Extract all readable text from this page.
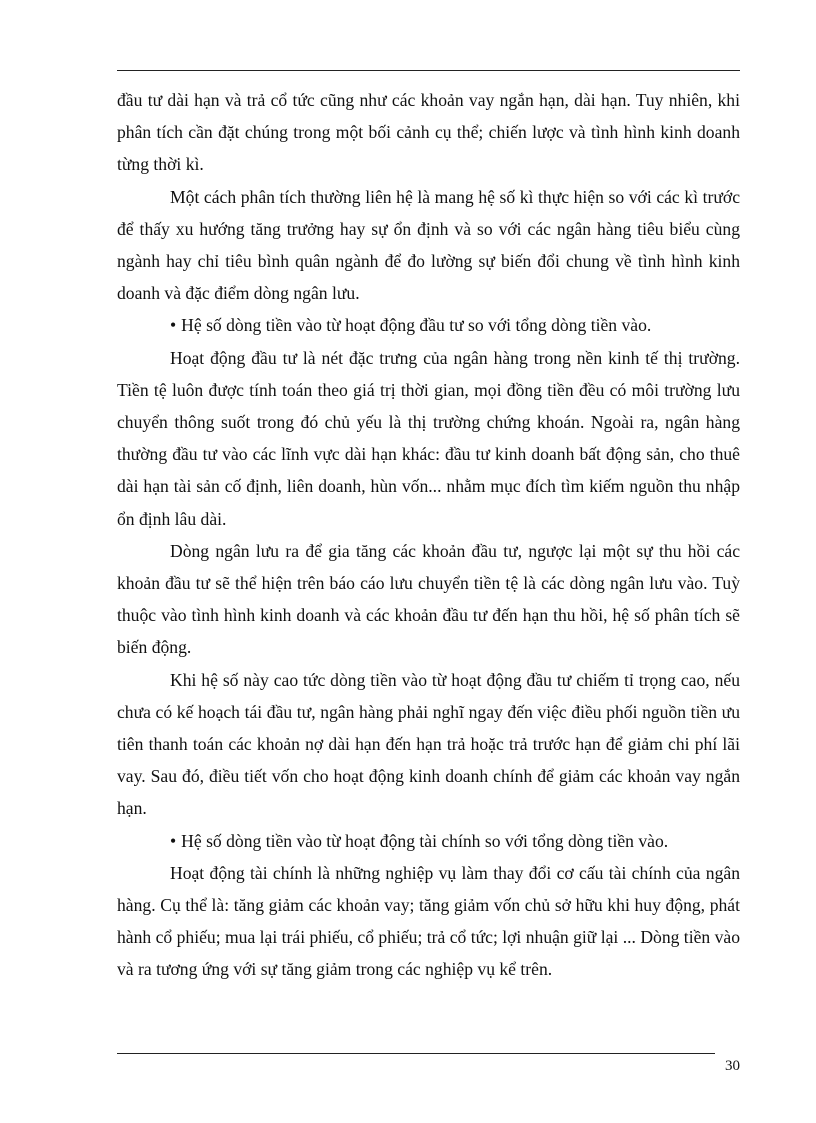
đầu tư dài hạn và trả cổ tức cũng như các khoản vay ngắn hạn, dài hạn. Tuy nhiên, khi phân tích cần đặt chúng trong một bối cảnh cụ thể; chiến lược và tình hình kinh doanh từng thời kì.

Một cách phân tích thường liên hệ là mang hệ số kì thực hiện so với các kì trước để thấy xu hướng tăng trưởng hay sự ổn định và so với các ngân hàng tiêu biểu cùng ngành hay chỉ tiêu bình quân ngành để đo lường sự biến đổi chung về tình hình kinh doanh và đặc điểm dòng ngân lưu.

• Hệ số dòng tiền vào từ hoạt động đầu tư so với tổng dòng tiền vào.

Hoạt động đầu tư là nét đặc trưng của ngân hàng trong nền kinh tế thị trường. Tiền tệ luôn được tính toán theo giá trị thời gian, mọi đồng tiền đều có môi trường lưu chuyển thông suốt trong đó chủ yếu là thị trường chứng khoán. Ngoài ra, ngân hàng thường đầu tư vào các lĩnh vực dài hạn khác: đầu tư kinh doanh bất động sản, cho thuê dài hạn tài sản cố định, liên doanh, hùn vốn... nhằm mục đích tìm kiếm nguồn thu nhập ổn định lâu dài.

Dòng ngân lưu ra để gia tăng các khoản đầu tư, ngược lại một sự thu hồi các khoản đầu tư sẽ thể hiện trên báo cáo lưu chuyển tiền tệ là các dòng ngân lưu vào. Tuỳ thuộc vào tình hình kinh doanh và các khoản đầu tư đến hạn thu hồi, hệ số phân tích sẽ biến động.

Khi hệ số này cao tức dòng tiền vào từ hoạt động đầu tư chiếm tỉ trọng cao, nếu chưa có kế hoạch tái đầu tư, ngân hàng phải nghĩ ngay đến việc điều phối nguồn tiền ưu tiên thanh toán các khoản nợ dài hạn đến hạn trả hoặc trả trước hạn để giảm chi phí lãi vay. Sau đó, điều tiết vốn cho hoạt động kinh doanh chính để giảm các khoản vay ngắn hạn.

• Hệ số dòng tiền vào từ hoạt động tài chính so với tổng dòng tiền vào.

Hoạt động tài chính là những nghiệp vụ làm thay đổi cơ cấu tài chính của ngân hàng. Cụ thể là: tăng giảm các khoản vay; tăng giảm vốn chủ sở hữu khi huy động, phát hành cổ phiếu; mua lại trái phiếu, cổ phiếu; trả cổ tức; lợi nhuận giữ lại ... Dòng tiền vào và ra tương ứng với sự tăng giảm trong các nghiệp vụ kể trên.

30
